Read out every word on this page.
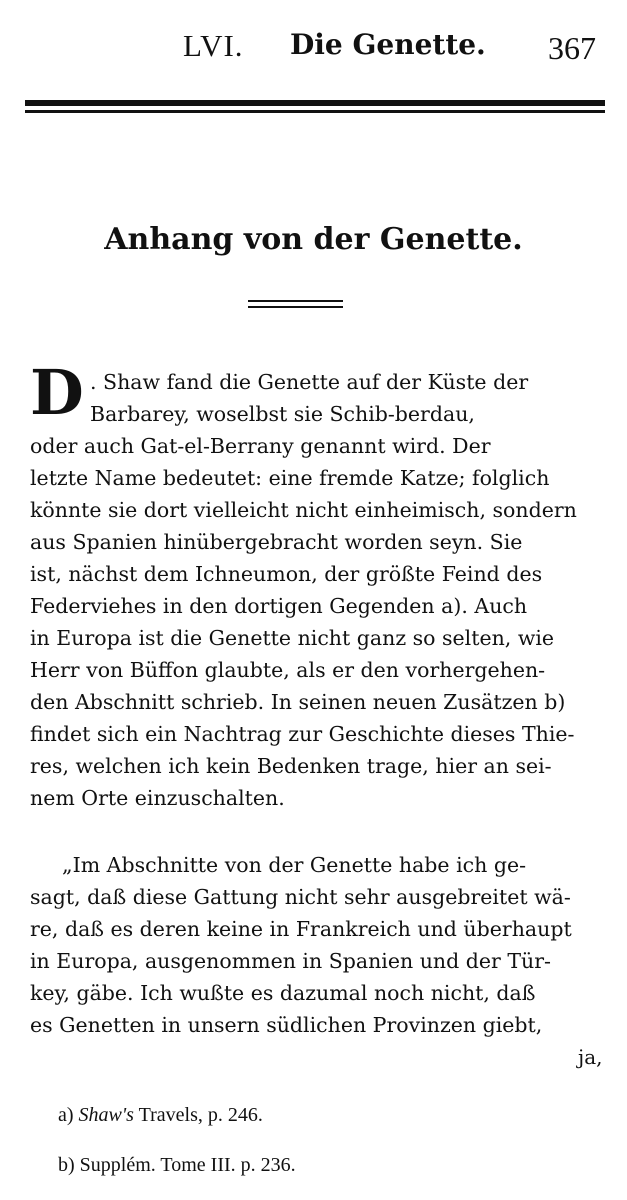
LVI. Die Genette. 367
Anhang von der Genette.
D . Shaw fand die Genette auf der Küste der
Barbarey, woselbst sie Schib-berdau,
oder auch Gat-el-Berrany genannt wird. Der
letzte Name bedeutet: eine fremde Katze; folglich
könnte sie dort vielleicht nicht einheimisch, sondern
aus Spanien hinübergebracht worden seyn. Sie
ist, nächst dem Ichneumon, der größte Feind des
Federviehes in den dortigen Gegenden a). Auch
in Europa ist die Genette nicht ganz so selten, wie
Herr von Büffon glaubte, als er den vorhergehen-
den Abschnitt schrieb. In seinen neuen Zusätzen b)
findet sich ein Nachtrag zur Geschichte dieses Thie-
res, welchen ich kein Bedenken trage, hier an sei-
nem Orte einzuschalten.
„Im Abschnitte von der Genette habe ich ge-
sagt, daß diese Gattung nicht sehr ausgebreitet wä-
re, daß es deren keine in Frankreich und überhaupt
in Europa, ausgenommen in Spanien und der Tür-
key, gäbe. Ich wußte es dazumal noch nicht, daß
es Genetten in unsern südlichen Provinzen giebt,
ja,
a) Shaw's Travels, p. 246.
b) Supplém. Tome III. p. 236.
